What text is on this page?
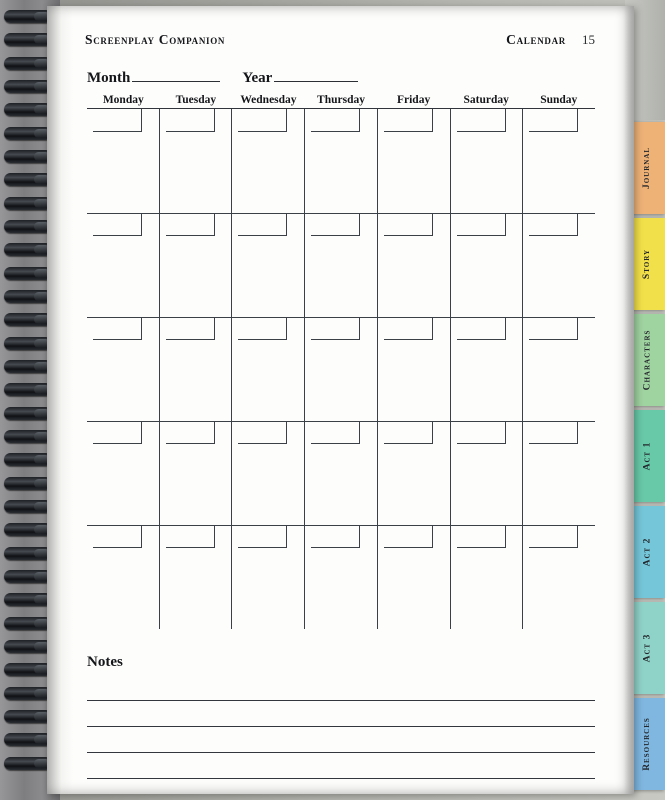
Journal
Story
Characters
Act 1
Act 2
Act 3
Resources
Screenplay Companion	Calendar 15
Month	Year
Monday	Tuesday	Wednesday	Thursday	Friday	Saturday	Sunday
Notes
